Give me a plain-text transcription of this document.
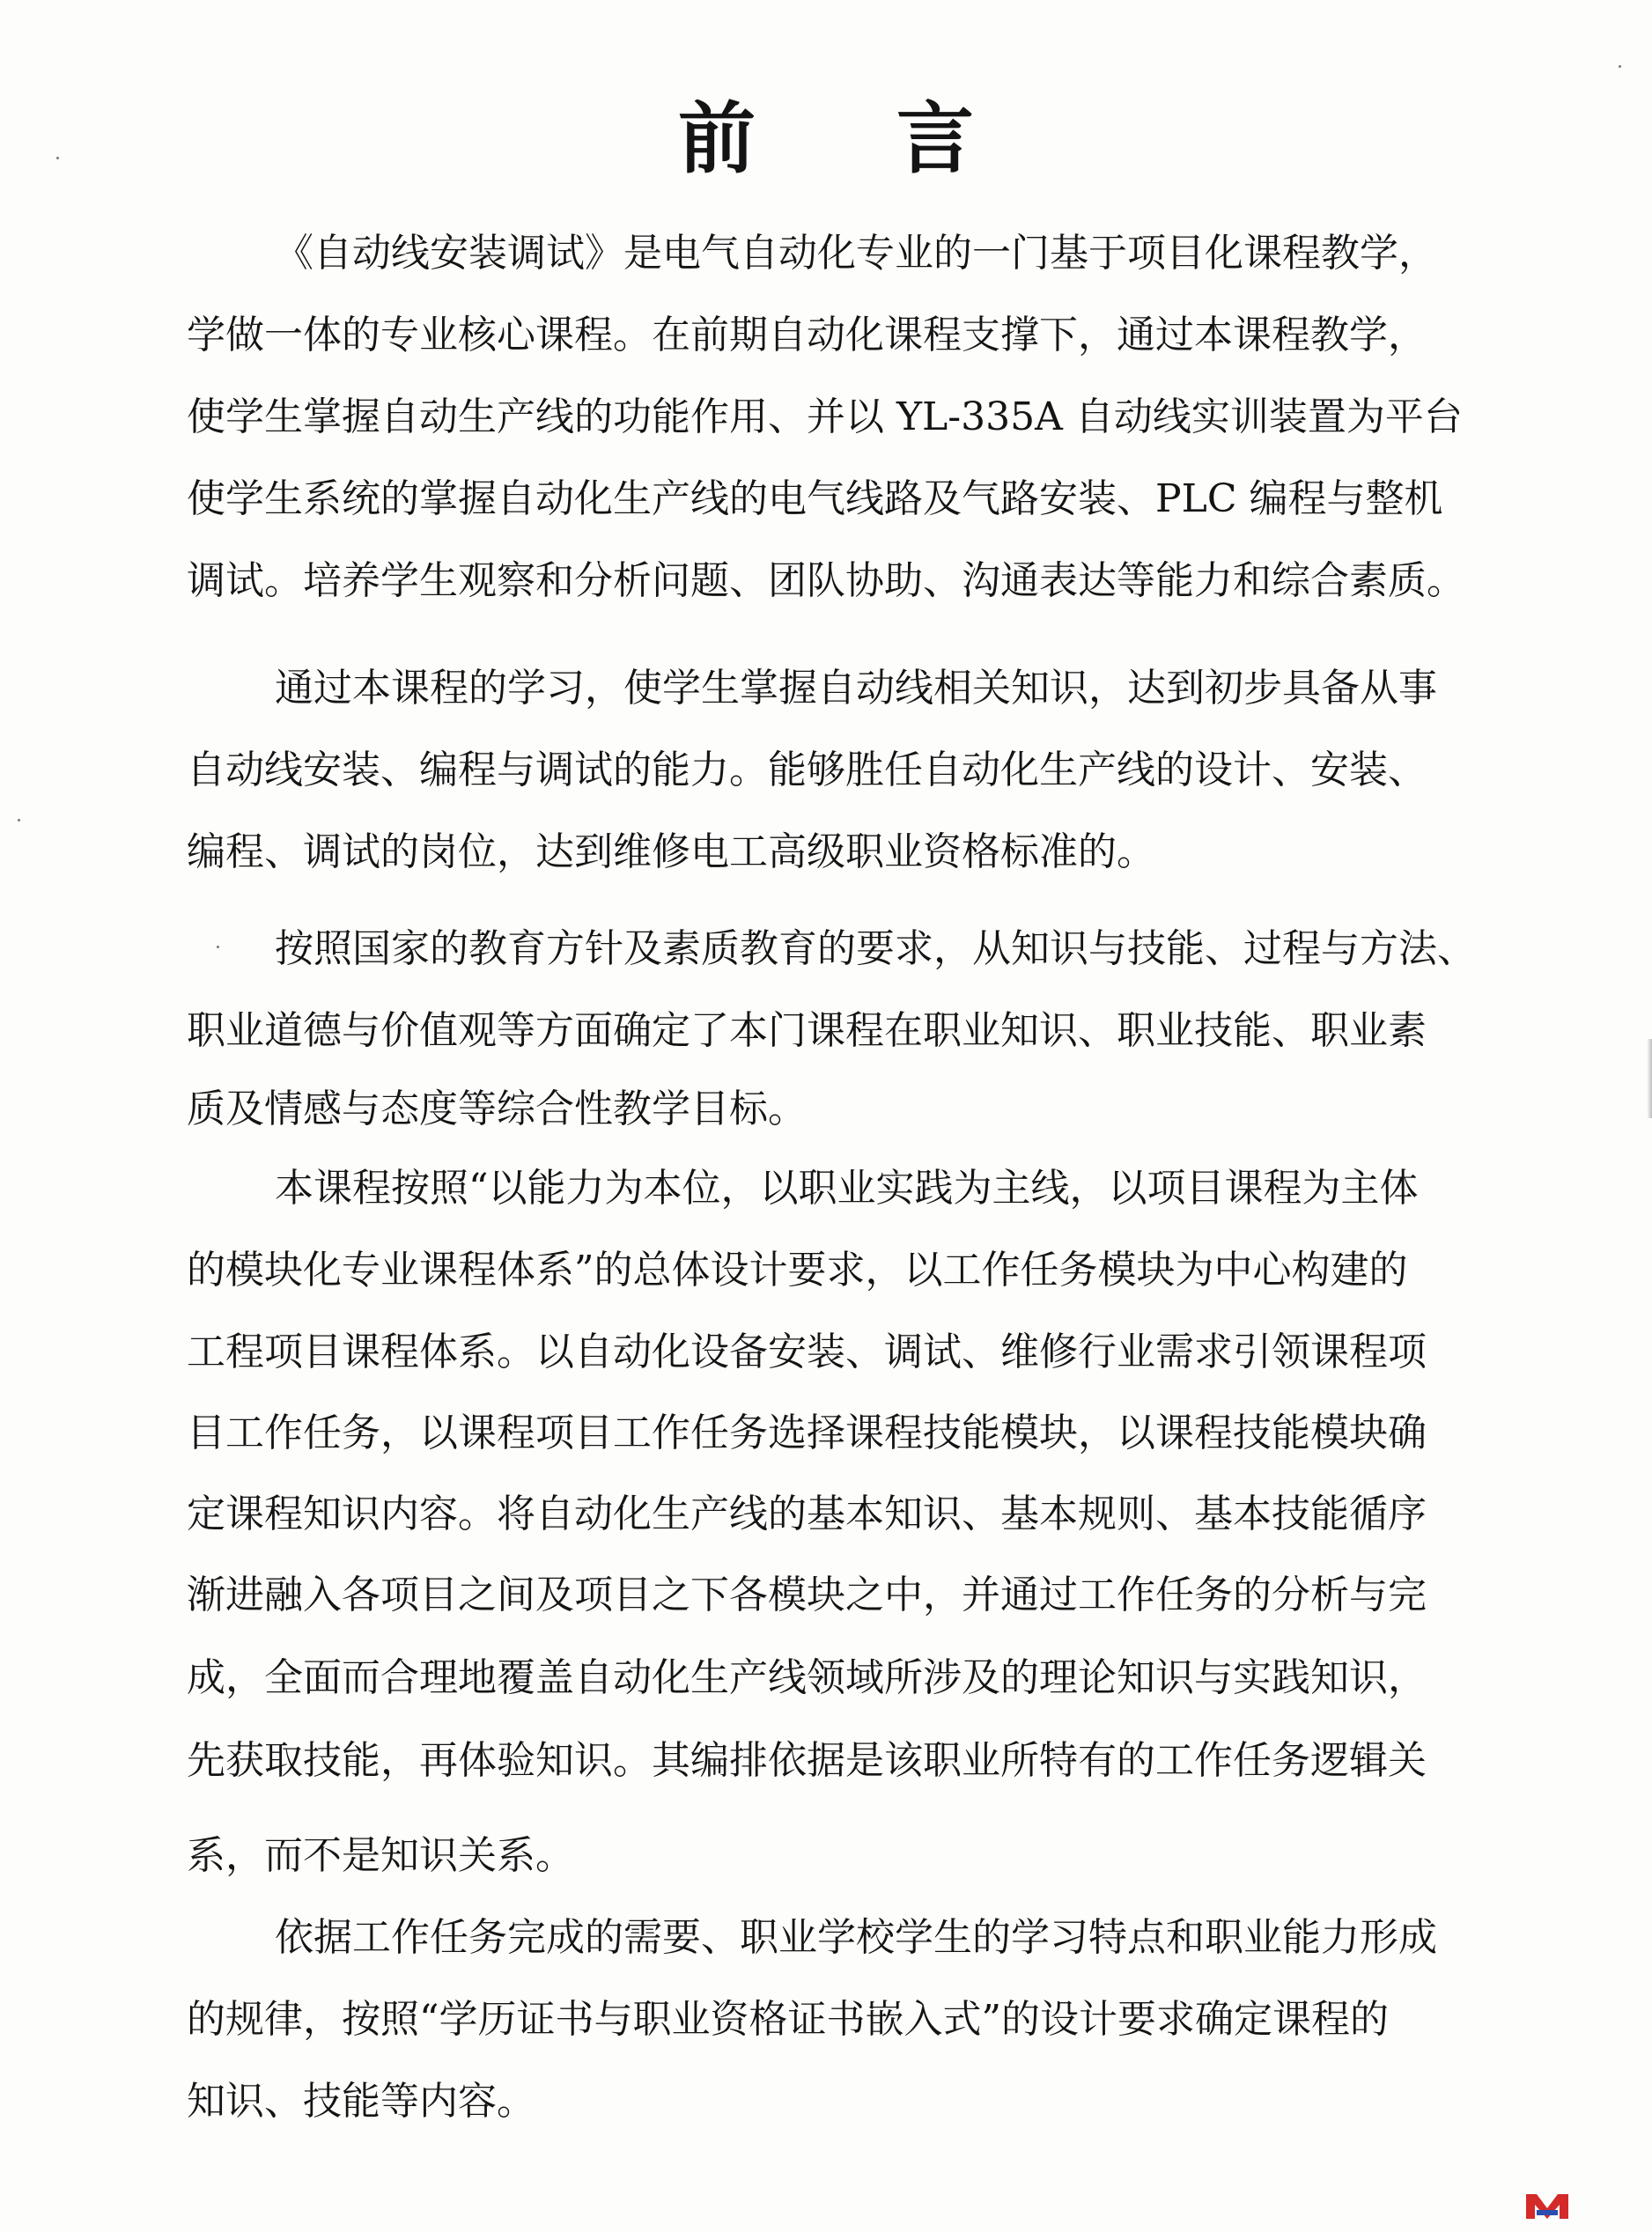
前 言
《自动线安装调试》是电气自动化专业的一门基于项目化课程教学，
学做一体的专业核心课程。在前期自动化课程支撑下，通过本课程教学，
使学生掌握自动生产线的功能作用、并以 YL-335A 自动线实训装置为平台
使学生系统的掌握自动化生产线的电气线路及气路安装、PLC 编程与整机
调试。培养学生观察和分析问题、团队协助、沟通表达等能力和综合素质。
通过本课程的学习，使学生掌握自动线相关知识，达到初步具备从事
自动线安装、编程与调试的能力。能够胜任自动化生产线的设计、安装、
编程、调试的岗位，达到维修电工高级职业资格标准的。
按照国家的教育方针及素质教育的要求，从知识与技能、过程与方法、
职业道德与价值观等方面确定了本门课程在职业知识、职业技能、职业素
质及情感与态度等综合性教学目标。
本课程按照“以能力为本位，以职业实践为主线，以项目课程为主体
的模块化专业课程体系”的总体设计要求，以工作任务模块为中心构建的
工程项目课程体系。以自动化设备安装、调试、维修行业需求引领课程项
目工作任务，以课程项目工作任务选择课程技能模块，以课程技能模块确
定课程知识内容。将自动化生产线的基本知识、基本规则、基本技能循序
渐进融入各项目之间及项目之下各模块之中，并通过工作任务的分析与完
成，全面而合理地覆盖自动化生产线领域所涉及的理论知识与实践知识，
先获取技能，再体验知识。其编排依据是该职业所特有的工作任务逻辑关
系，而不是知识关系。
依据工作任务完成的需要、职业学校学生的学习特点和职业能力形成
的规律，按照“学历证书与职业资格证书嵌入式”的设计要求确定课程的
知识、技能等内容。
